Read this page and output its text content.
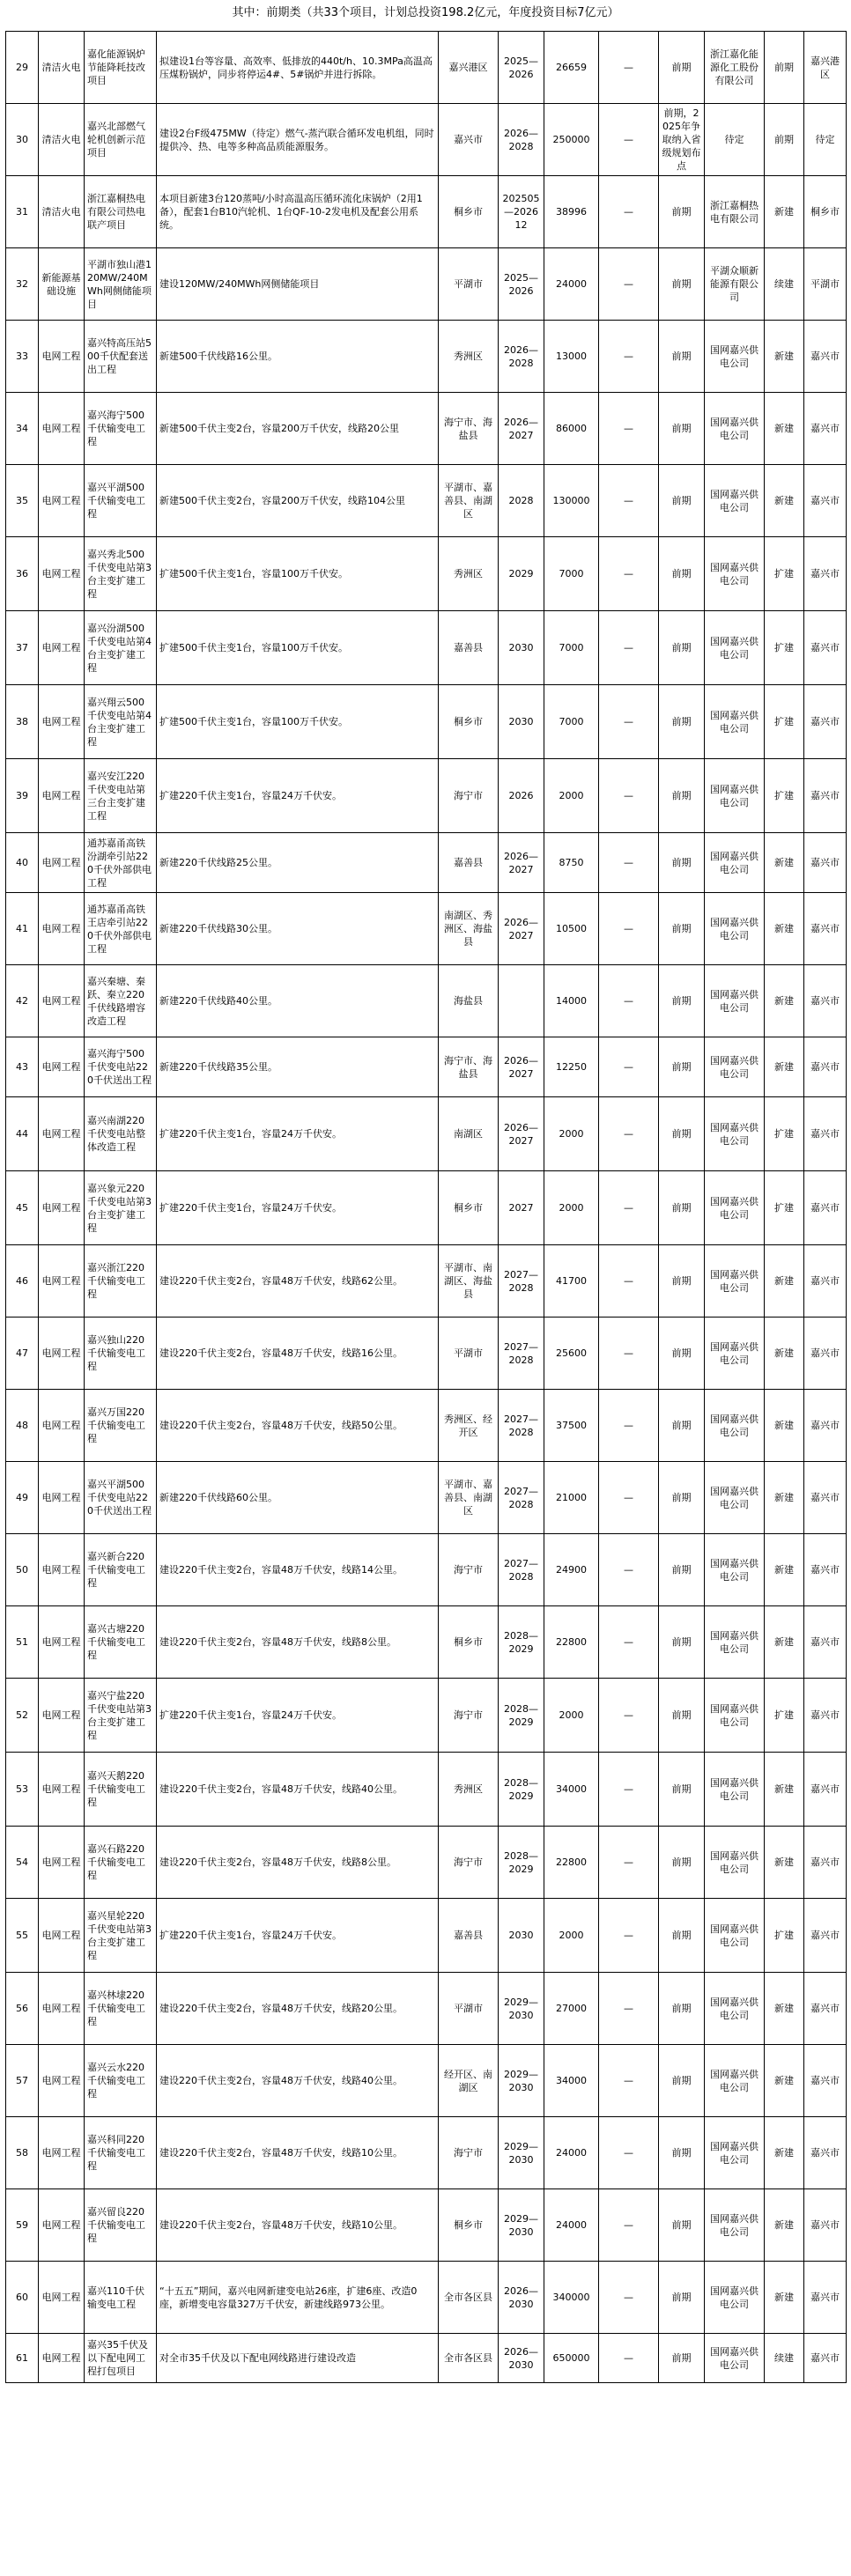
其中：前期类（共33个项目，计划总投资198.2亿元，年度投资目标7亿元）
29	清洁火电	嘉化能源锅炉节能降耗技改项目	拟建设1台等容量、高效率、低排放的440t/h、10.3MPa高温高压煤粉锅炉，同步将停运4#、5#锅炉并进行拆除。	嘉兴港区	2025—2026	26659	—	前期	浙江嘉化能源化工股份有限公司	前期	嘉兴港区
30	清洁火电	嘉兴北部燃气轮机创新示范项目	建设2台F级475MW（待定）燃气-蒸汽联合循环发电机组，同时提供冷、热、电等多种高品质能源服务。	嘉兴市	2026—2028	250000	—	前期，2025年争取纳入省级规划布点	待定	前期	待定
31	清洁火电	浙江嘉桐热电有限公司热电联产项目	本项目新建3台120蒸吨/小时高温高压循环流化床锅炉（2用1备），配套1台B10汽轮机、1台QF-10-2发电机及配套公用系统。	桐乡市	202505—202612	38996	—	前期	浙江嘉桐热电有限公司	新建	桐乡市
32	新能源基础设施	平湖市独山港120MW/240MWh网侧储能项目	建设120MW/240MWh网侧储能项目	平湖市	2025—2026	24000	—	前期	平湖众顺新能源有限公司	续建	平湖市
33	电网工程	嘉兴特高压站500千伏配套送出工程	新建500千伏线路16公里。	秀洲区	2026—2028	13000	—	前期	国网嘉兴供电公司	新建	嘉兴市
34	电网工程	嘉兴海宁500千伏输变电工程	新建500千伏主变2台，容量200万千伏安，线路20公里	海宁市、海盐县	2026—2027	86000	—	前期	国网嘉兴供电公司	新建	嘉兴市
35	电网工程	嘉兴平湖500千伏输变电工程	新建500千伏主变2台，容量200万千伏安，线路104公里	平湖市、嘉善县、南湖区	2028	130000	—	前期	国网嘉兴供电公司	新建	嘉兴市
36	电网工程	嘉兴秀北500千伏变电站第3台主变扩建工程	扩建500千伏主变1台，容量100万千伏安。	秀洲区	2029	7000	—	前期	国网嘉兴供电公司	扩建	嘉兴市
37	电网工程	嘉兴汾湖500千伏变电站第4台主变扩建工程	扩建500千伏主变1台，容量100万千伏安。	嘉善县	2030	7000	—	前期	国网嘉兴供电公司	扩建	嘉兴市
38	电网工程	嘉兴翔云500千伏变电站第4台主变扩建工程	扩建500千伏主变1台，容量100万千伏安。	桐乡市	2030	7000	—	前期	国网嘉兴供电公司	扩建	嘉兴市
39	电网工程	嘉兴安江220千伏变电站第三台主变扩建工程	扩建220千伏主变1台，容量24万千伏安。	海宁市	2026	2000	—	前期	国网嘉兴供电公司	扩建	嘉兴市
40	电网工程	通苏嘉甬高铁汾湖牵引站220千伏外部供电工程	新建220千伏线路25公里。	嘉善县	2026—2027	8750	—	前期	国网嘉兴供电公司	新建	嘉兴市
41	电网工程	通苏嘉甬高铁王店牵引站220千伏外部供电工程	新建220千伏线路30公里。	南湖区、秀洲区、海盐县	2026—2027	10500	—	前期	国网嘉兴供电公司	新建	嘉兴市
42	电网工程	嘉兴秦塘、秦跃、秦立220千伏线路增容改造工程	新建220千伏线路40公里。	海盐县		14000	—	前期	国网嘉兴供电公司	新建	嘉兴市
43	电网工程	嘉兴海宁500千伏变电站220千伏送出工程	新建220千伏线路35公里。	海宁市、海盐县	2026—2027	12250	—	前期	国网嘉兴供电公司	新建	嘉兴市
44	电网工程	嘉兴南湖220千伏变电站整体改造工程	扩建220千伏主变1台，容量24万千伏安。	南湖区	2026—2027	2000	—	前期	国网嘉兴供电公司	扩建	嘉兴市
45	电网工程	嘉兴象元220千伏变电站第3台主变扩建工程	扩建220千伏主变1台，容量24万千伏安。	桐乡市	2027	2000	—	前期	国网嘉兴供电公司	扩建	嘉兴市
46	电网工程	嘉兴浙江220千伏输变电工程	建设220千伏主变2台，容量48万千伏安，线路62公里。	平湖市、南湖区、海盐县	2027—2028	41700	—	前期	国网嘉兴供电公司	新建	嘉兴市
47	电网工程	嘉兴独山220千伏输变电工程	建设220千伏主变2台，容量48万千伏安，线路16公里。	平湖市	2027—2028	25600	—	前期	国网嘉兴供电公司	新建	嘉兴市
48	电网工程	嘉兴万国220千伏输变电工程	建设220千伏主变2台，容量48万千伏安，线路50公里。	秀洲区、经开区	2027—2028	37500	—	前期	国网嘉兴供电公司	新建	嘉兴市
49	电网工程	嘉兴平湖500千伏变电站220千伏送出工程	新建220千伏线路60公里。	平湖市、嘉善县、南湖区	2027—2028	21000	—	前期	国网嘉兴供电公司	新建	嘉兴市
50	电网工程	嘉兴新合220千伏输变电工程	建设220千伏主变2台，容量48万千伏安，线路14公里。	海宁市	2027—2028	24900	—	前期	国网嘉兴供电公司	新建	嘉兴市
51	电网工程	嘉兴古塘220千伏输变电工程	建设220千伏主变2台，容量48万千伏安，线路8公里。	桐乡市	2028—2029	22800	—	前期	国网嘉兴供电公司	新建	嘉兴市
52	电网工程	嘉兴宁盐220千伏变电站第3台主变扩建工程	扩建220千伏主变1台，容量24万千伏安。	海宁市	2028—2029	2000	—	前期	国网嘉兴供电公司	扩建	嘉兴市
53	电网工程	嘉兴天鹅220千伏输变电工程	建设220千伏主变2台，容量48万千伏安，线路40公里。	秀洲区	2028—2029	34000	—	前期	国网嘉兴供电公司	新建	嘉兴市
54	电网工程	嘉兴石路220千伏输变电工程	建设220千伏主变2台，容量48万千伏安，线路8公里。	海宁市	2028—2029	22800	—	前期	国网嘉兴供电公司	新建	嘉兴市
55	电网工程	嘉兴星轮220千伏变电站第3台主变扩建工程	扩建220千伏主变1台，容量24万千伏安。	嘉善县	2030	2000	—	前期	国网嘉兴供电公司	扩建	嘉兴市
56	电网工程	嘉兴林埭220千伏输变电工程	建设220千伏主变2台，容量48万千伏安，线路20公里。	平湖市	2029—2030	27000	—	前期	国网嘉兴供电公司	新建	嘉兴市
57	电网工程	嘉兴云水220千伏输变电工程	建设220千伏主变2台，容量48万千伏安，线路40公里。	经开区、南湖区	2029—2030	34000	—	前期	国网嘉兴供电公司	新建	嘉兴市
58	电网工程	嘉兴科同220千伏输变电工程	建设220千伏主变2台，容量48万千伏安，线路10公里。	海宁市	2029—2030	24000	—	前期	国网嘉兴供电公司	新建	嘉兴市
59	电网工程	嘉兴留良220千伏输变电工程	建设220千伏主变2台，容量48万千伏安，线路10公里。	桐乡市	2029—2030	24000	—	前期	国网嘉兴供电公司	新建	嘉兴市
60	电网工程	嘉兴110千伏输变电工程	“十五五”期间，嘉兴电网新建变电站26座，扩建6座、改造0座，新增变电容量327万千伏安，新建线路973公里。	全市各区县	2026—2030	340000	—	前期	国网嘉兴供电公司	新建	嘉兴市
61	电网工程	嘉兴35千伏及以下配电网工程打包项目	对全市35千伏及以下配电网线路进行建设改造	全市各区县	2026—2030	650000	—	前期	国网嘉兴供电公司	续建	嘉兴市
